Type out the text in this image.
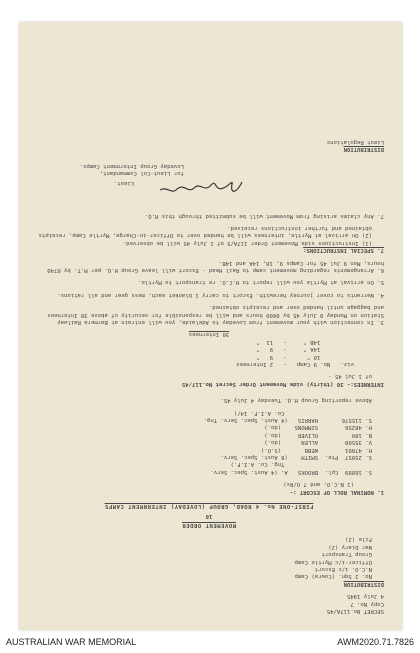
SECRET No.117A/45
Copy No. 7
4 July 1945
DISTRIBUTION
No. 2 Sqn. (Cowra) Camp
N.C.O. i/c Escort
Officer-i/c Myrtle Camp
Group Transport
War Diary (2)
File (2)
MOVEMENT ORDER
10
FIRST-ONE No. 4 ROAD, GROUP (LOVEDAY) INTERNMENT CAMPS
1. NOMINAL ROLL OF ESCORT :-
(1 N.C.O. and 7 O/Rs)
S. 16889  Cpl.  BROOKS   A. (4 Aust. Spec. Serv.
Tng. Co. A.I.F.)
S. 25057  Pte.  SMITH    (8 Aust. Spec. Serv.
H. 47001        WEBB       (S.O.)
V. 35500        ALLEN      (do.)
N. 180          OLIVER     (do.)
H. 48256        SIMMONS    (do.)
S. 115576       HARRIS   (4 Aust. Spec. Serv. Tng.
Co. A.I.F. 14/)
Above reporting Group H.Q. Tuesday 4 July 45.
INTERNEES:- 30 (thirty) vide Movement Order Secret No.117/45
of 1 Jul 45 -
viz.   No. 9 Camp   -   2 Internees
10 "      -   9   "
14A "     -   9   "
14B "     -   11  "
30 Internees
3. In connection with your movement from Loveday to Adelaide, you will entrain at Barmera Railway Station on Monday 9 July 45 by 0800 hours and will be responsible for security of above 30 Internees and baggage until handed over and receipts obtained.
4. Warrants to cover journey herewith. Escort to carry 1 blanket each, mess gear and all rations.
5. On arrival at Myrtle you will report to H.C.O. re transport to Myrtle.
6. Arrangements regarding movement camp to Rail Head - Escort will leave Group H.Q. per M.T. by 0740 hours, Mon 9 Jul 45 for Camps 9, 10, 14A and 14B.
7. SPECIAL INSTRUCTIONS:
(1) Instructions vide Movement Order 117A/5 of 1 July 45 will be observed.
(2) On arrival at Myrtle, internees will be handed over to Officer-in-Charge, Myrtle Camp, receipts obtained and further instructions received.
7. Any claims arising from Movement will be submitted through this H.Q.
Lieut.
for Lieut-Col Commandant,
Loveday Group Internment Camps.
DISTRIBUTION
Lieut Regulations
AUSTRALIAN WAR MEMORIAL	AWM2020.71.7826
